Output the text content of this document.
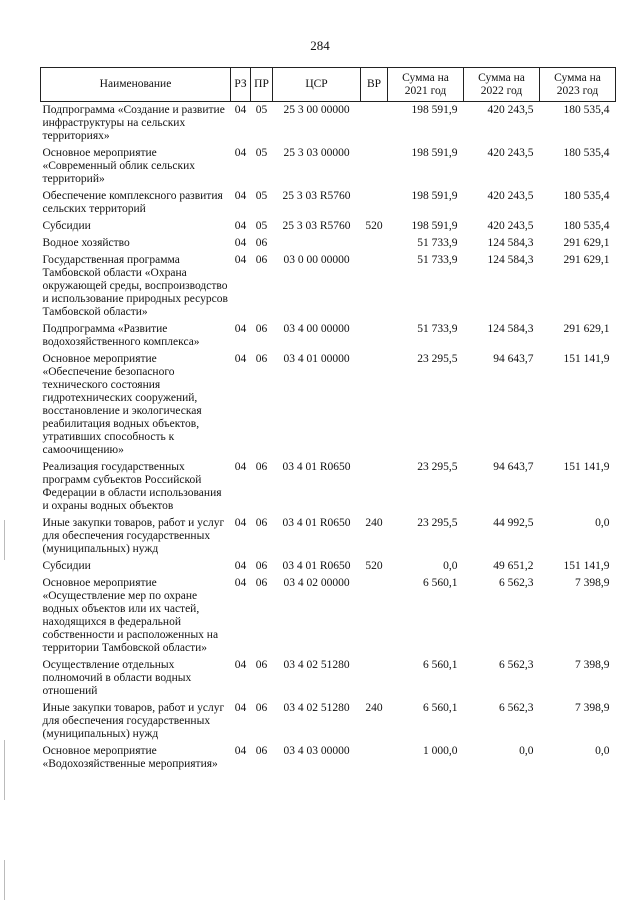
284
Наименование	РЗ	ПР	ЦСР	ВР	Сумма на 2021 год	Сумма на 2022 год	Сумма на 2023 год
Подпрограмма «Создание и развитие инфраструктуры на сельских территориях»	04	05	25 3 00 00000		198 591,9	420 243,5	180 535,4
Основное мероприятие «Современный облик сельских территорий»	04	05	25 3 03 00000		198 591,9	420 243,5	180 535,4
Обеспечение комплексного развития сельских территорий	04	05	25 3 03 R5760		198 591,9	420 243,5	180 535,4
Субсидии	04	05	25 3 03 R5760	520	198 591,9	420 243,5	180 535,4
Водное хозяйство	04	06			51 733,9	124 584,3	291 629,1
Государственная программа Тамбовской области «Охрана окружающей среды, воспроизводство и использование природных ресурсов Тамбовской области»	04	06	03 0 00 00000		51 733,9	124 584,3	291 629,1
Подпрограмма «Развитие водохозяйственного комплекса»	04	06	03 4 00 00000		51 733,9	124 584,3	291 629,1
Основное мероприятие «Обеспечение безопасного технического состояния гидротехнических сооружений, восстановление и экологическая реабилитация водных объектов, утративших способность к самоочищению»	04	06	03 4 01 00000		23 295,5	94 643,7	151 141,9
Реализация государственных программ субъектов Российской Федерации в области использования и охраны водных объектов	04	06	03 4 01 R0650		23 295,5	94 643,7	151 141,9
Иные закупки товаров, работ и услуг для обеспечения государственных (муниципальных) нужд	04	06	03 4 01 R0650	240	23 295,5	44 992,5	0,0
Субсидии	04	06	03 4 01 R0650	520	0,0	49 651,2	151 141,9
Основное мероприятие «Осуществление мер по охране водных объектов или их частей, находящихся в федеральной собственности и расположенных на территории Тамбовской области»	04	06	03 4 02 00000		6 560,1	6 562,3	7 398,9
Осуществление отдельных полномочий в области водных отношений	04	06	03 4 02 51280		6 560,1	6 562,3	7 398,9
Иные закупки товаров, работ и услуг для обеспечения государственных (муниципальных) нужд	04	06	03 4 02 51280	240	6 560,1	6 562,3	7 398,9
Основное мероприятие «Водохозяйственные мероприятия»	04	06	03 4 03 00000		1 000,0	0,0	0,0
